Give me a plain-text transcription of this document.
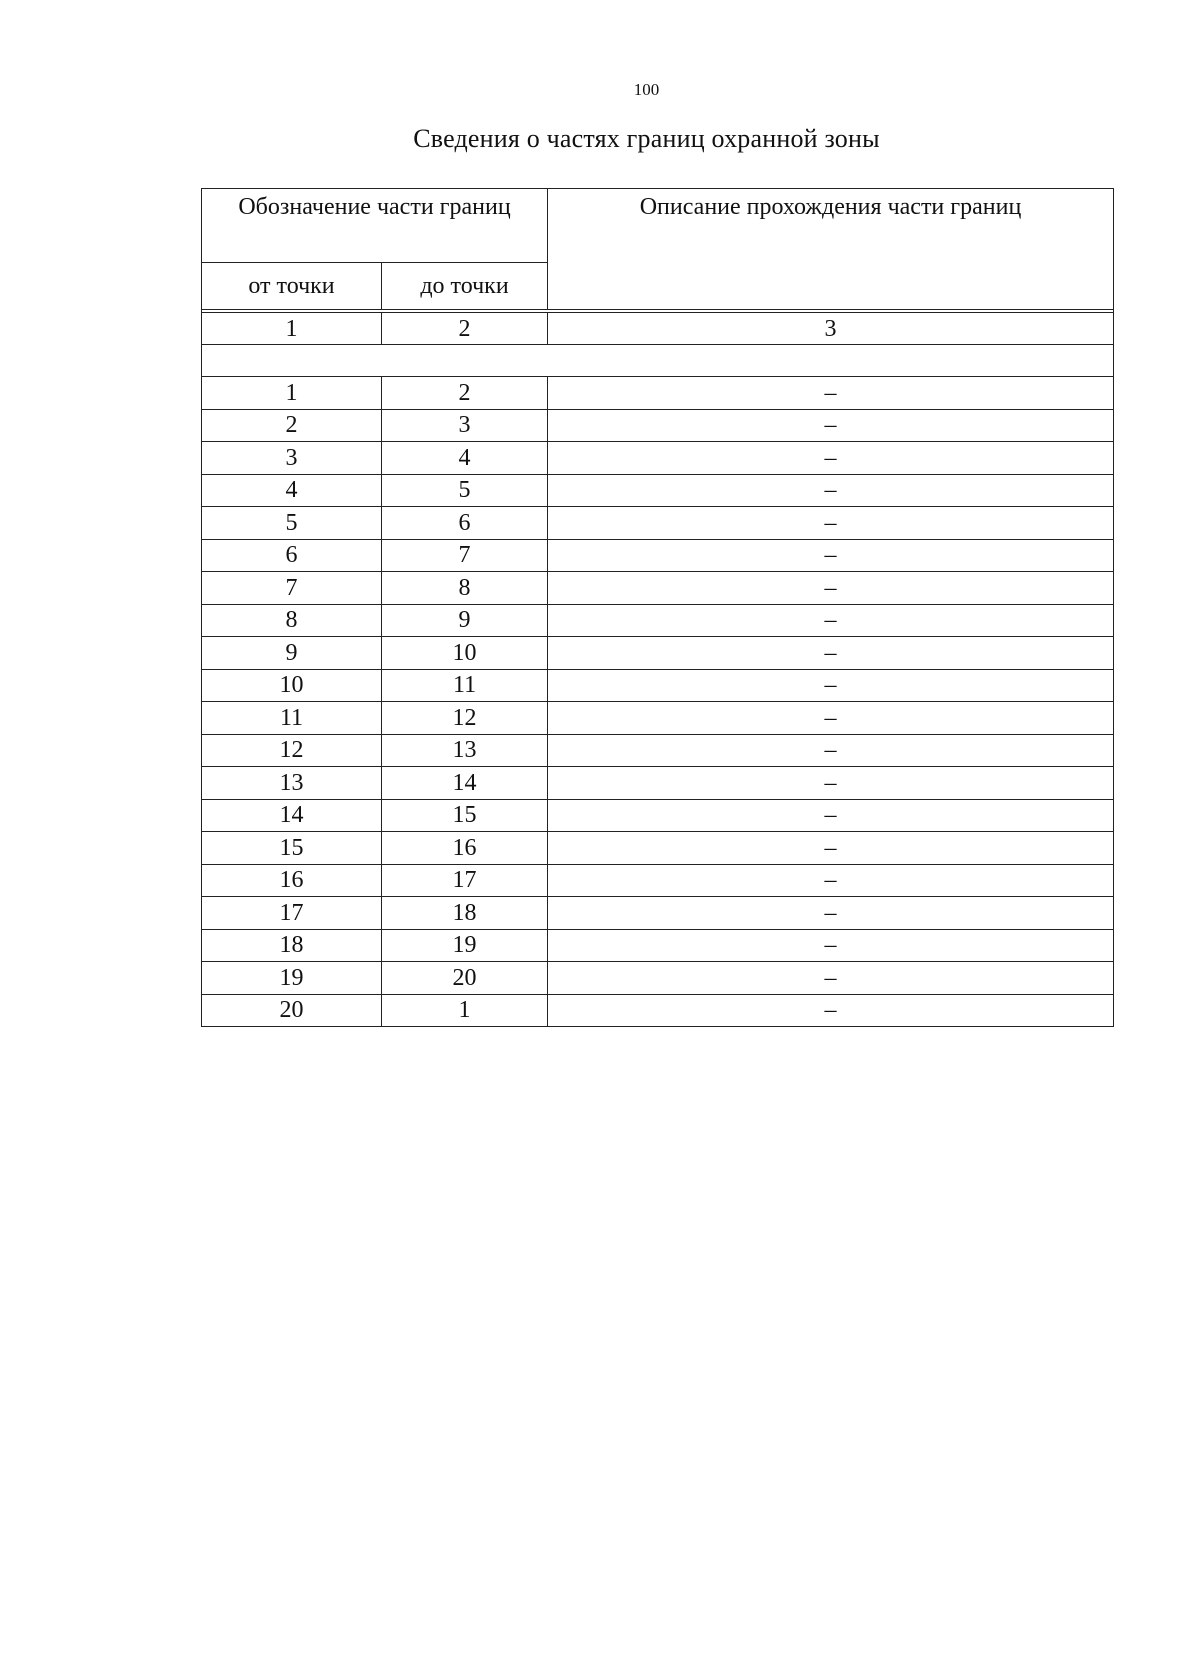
100
Сведения о частях границ охранной зоны
Обозначение части границ		Описание прохождения части границ
от точки	до точки	

1	2	3

1	2	–
2	3	–
3	4	–
4	5	–
5	6	–
6	7	–
7	8	–
8	9	–
9	10	–
10	11	–
11	12	–
12	13	–
13	14	–
14	15	–
15	16	–
16	17	–
17	18	–
18	19	–
19	20	–
20	1	–
